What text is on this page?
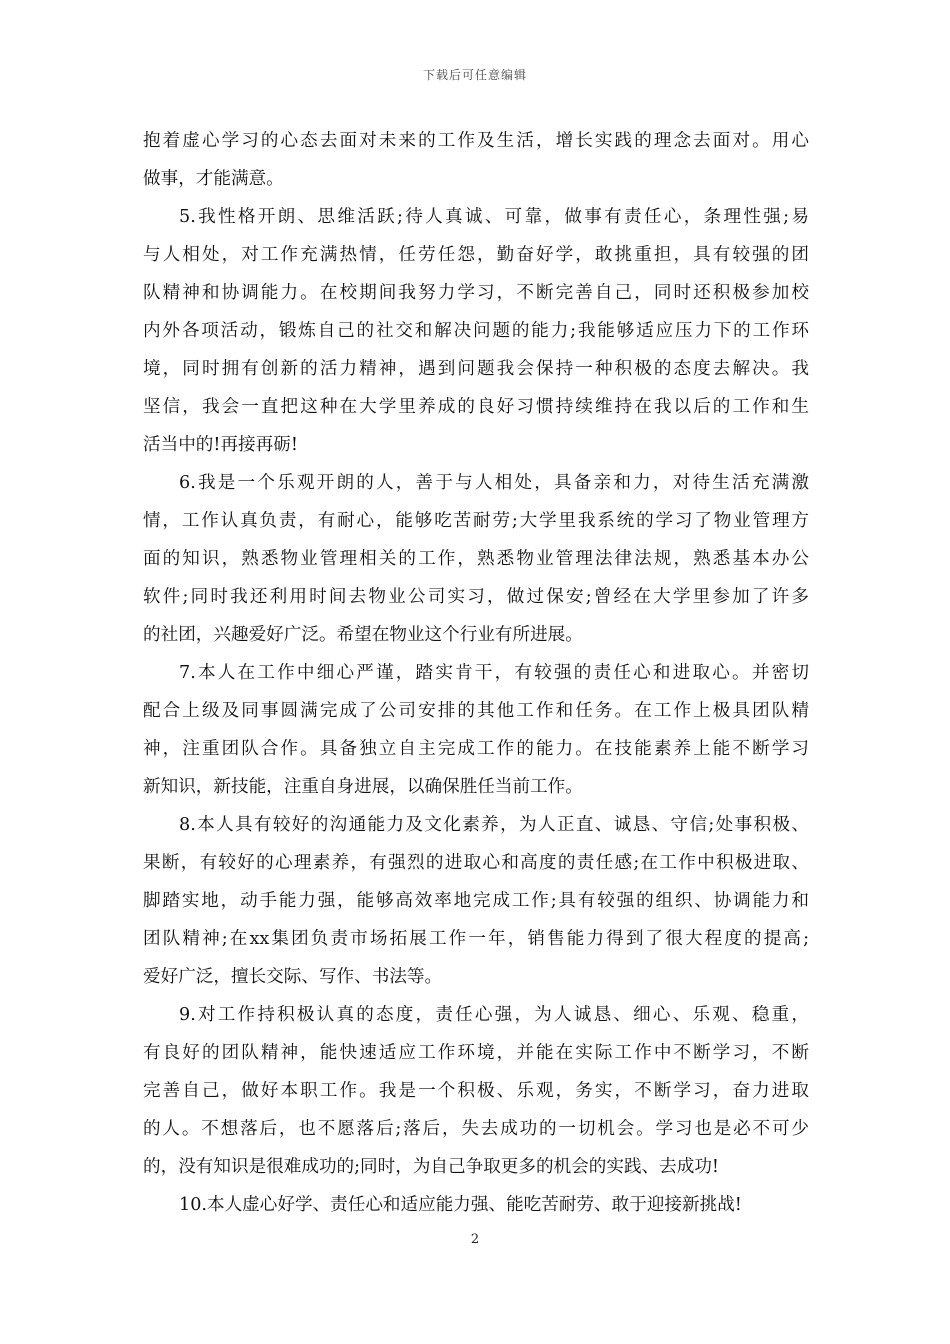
下载后可任意编辑
抱着虚心学习的心态去面对未来的工作及生活，增长实践的理念去面对。用心
做事，才能满意。
5.我性格开朗、思维活跃;待人真诚、可靠，做事有责任心，条理性强;易
与人相处，对工作充满热情，任劳任怨，勤奋好学，敢挑重担，具有较强的团
队精神和协调能力。在校期间我努力学习，不断完善自己，同时还积极参加校
内外各项活动，锻炼自己的社交和解决问题的能力;我能够适应压力下的工作环
境，同时拥有创新的活力精神，遇到问题我会保持一种积极的态度去解决。我
坚信，我会一直把这种在大学里养成的良好习惯持续维持在我以后的工作和生
活当中的!再接再砺!
6.我是一个乐观开朗的人，善于与人相处，具备亲和力，对待生活充满激
情，工作认真负责，有耐心，能够吃苦耐劳;大学里我系统的学习了物业管理方
面的知识，熟悉物业管理相关的工作，熟悉物业管理法律法规，熟悉基本办公
软件;同时我还利用时间去物业公司实习，做过保安;曾经在大学里参加了许多
的社团，兴趣爱好广泛。希望在物业这个行业有所进展。
7.本人在工作中细心严谨，踏实肯干，有较强的责任心和进取心。并密切
配合上级及同事圆满完成了公司安排的其他工作和任务。在工作上极具团队精
神，注重团队合作。具备独立自主完成工作的能力。在技能素养上能不断学习
新知识，新技能，注重自身进展，以确保胜任当前工作。
8.本人具有较好的沟通能力及文化素养，为人正直、诚恳、守信;处事积极、
果断，有较好的心理素养，有强烈的进取心和高度的责任感;在工作中积极进取、
脚踏实地，动手能力强，能够高效率地完成工作;具有较强的组织、协调能力和
团队精神;在xx集团负责市场拓展工作一年，销售能力得到了很大程度的提高;
爱好广泛，擅长交际、写作、书法等。
9.对工作持积极认真的态度，责任心强，为人诚恳、细心、乐观、稳重，
有良好的团队精神，能快速适应工作环境，并能在实际工作中不断学习，不断
完善自己，做好本职工作。我是一个积极、乐观，务实，不断学习，奋力进取
的人。不想落后，也不愿落后;落后，失去成功的一切机会。学习也是必不可少
的，没有知识是很难成功的;同时，为自己争取更多的机会的实践、去成功!
10.本人虚心好学、责任心和适应能力强、能吃苦耐劳、敢于迎接新挑战!
2
